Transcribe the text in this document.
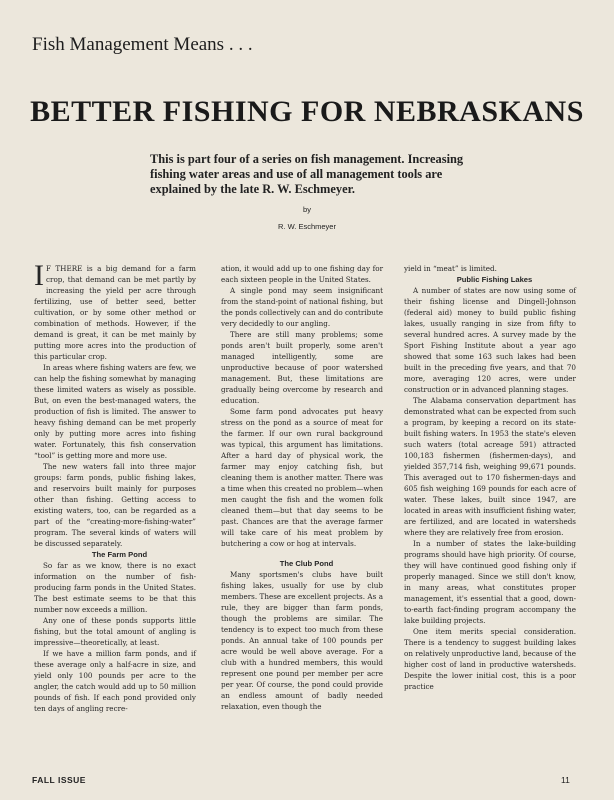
Fish Management Means . . .
BETTER FISHING FOR NEBRASKANS
This is part four of a series on fish management. Increasing fishing water areas and use of all management tools are explained by the late R. W. Eschmeyer.
by
R. W. Eschmeyer

I F THERE is a big demand for a farm crop, that demand can be met partly by increasing the yield per acre through fertilizing, use of better seed, better cultivation, or by some other method or combination of methods. However, if the demand is great, it can be met mainly by putting more acres into the production of this particular crop.

In areas where fishing waters are few, we can help the fishing somewhat by managing these limited waters as wisely as possible. But, on even the best-managed waters, the production of fish is limited. The answer to heavy fishing demand can be met properly only by putting more acres into fishing water. Fortunately, this fish conservation “tool” is getting more and more use.

The new waters fall into three major groups: farm ponds, public fishing lakes, and reservoirs built mainly for purposes other than fishing. Getting access to existing waters, too, can be regarded as a part of the “creating-more-fishing-water” program. The several kinds of waters will be discussed separately.

The Farm Pond

So far as we know, there is no exact information on the number of fish-producing farm ponds in the United States. The best estimate seems to be that this number now exceeds a million.

Any one of these ponds supports little fishing, but the total amount of angling is impressive—theoretically, at least.

If we have a million farm ponds, and if these average only a half-acre in size, and yield only 100 pounds per acre to the angler, the catch would add up to 50 million pounds of fish. If each pond provided only ten days of angling recre-

ation, it would add up to one fishing day for each sixteen people in the United States.

A single pond may seem insignificant from the stand-point of national fishing, but the ponds collectively can and do contribute very decidedly to our angling.

There are still many problems; some ponds aren't built properly, some aren't managed intelligently, some are unproductive because of poor watershed management. But, these limitations are gradually being overcome by research and education.

Some farm pond advocates put heavy stress on the pond as a source of meat for the farmer. If our own rural background was typical, this argument has limitations. After a hard day of physical work, the farmer may enjoy catching fish, but cleaning them is another matter. There was a time when this created no problem—when men caught the fish and the women folk cleaned them—but that day seems to be past. Chances are that the average farmer will take care of his meat problem by butchering a cow or hog at intervals.

The Club Pond

Many sportsmen's clubs have built fishing lakes, usually for use by club members. These are excellent projects. As a rule, they are bigger than farm ponds, though the problems are similar. The tendency is to expect too much from these ponds. An annual take of 100 pounds per acre would be well above average. For a club with a hundred members, this would represent one pound per member per acre per year. Of course, the pond could provide an endless amount of badly needed relaxation, even though the

yield in “meat” is limited.

Public Fishing Lakes

A number of states are now using some of their fishing license and Dingell-Johnson (federal aid) money to build public fishing lakes, usually ranging in size from fifty to several hundred acres. A survey made by the Sport Fishing Institute about a year ago showed that some 163 such lakes had been built in the preceding five years, and that 70 more, averaging 120 acres, were under construction or in advanced planning stages.

The Alabama conservation department has demonstrated what can be expected from such a program, by keeping a record on its state-built fishing waters. In 1953 the state's eleven such waters (total acreage 591) attracted 100,183 fishermen (fishermen-days), and yielded 357,714 fish, weighing 99,671 pounds. This averaged out to 170 fishermen-days and 605 fish weighing 169 pounds for each acre of water. These lakes, built since 1947, are located in areas with insufficient fishing water, are fertilized, and are located in watersheds where they are relatively free from erosion.

In a number of states the lake-building programs should have high priority. Of course, they will have continued good fishing only if properly managed. Since we still don't know, in many areas, what constitutes proper management, it's essential that a good, down-to-earth fact-finding program accompany the lake building projects.

One item merits special consideration. There is a tendency to suggest building lakes on relatively unproductive land, because of the higher cost of land in productive watersheds. Despite the lower initial cost, this is a poor practice

FALL ISSUE	11
